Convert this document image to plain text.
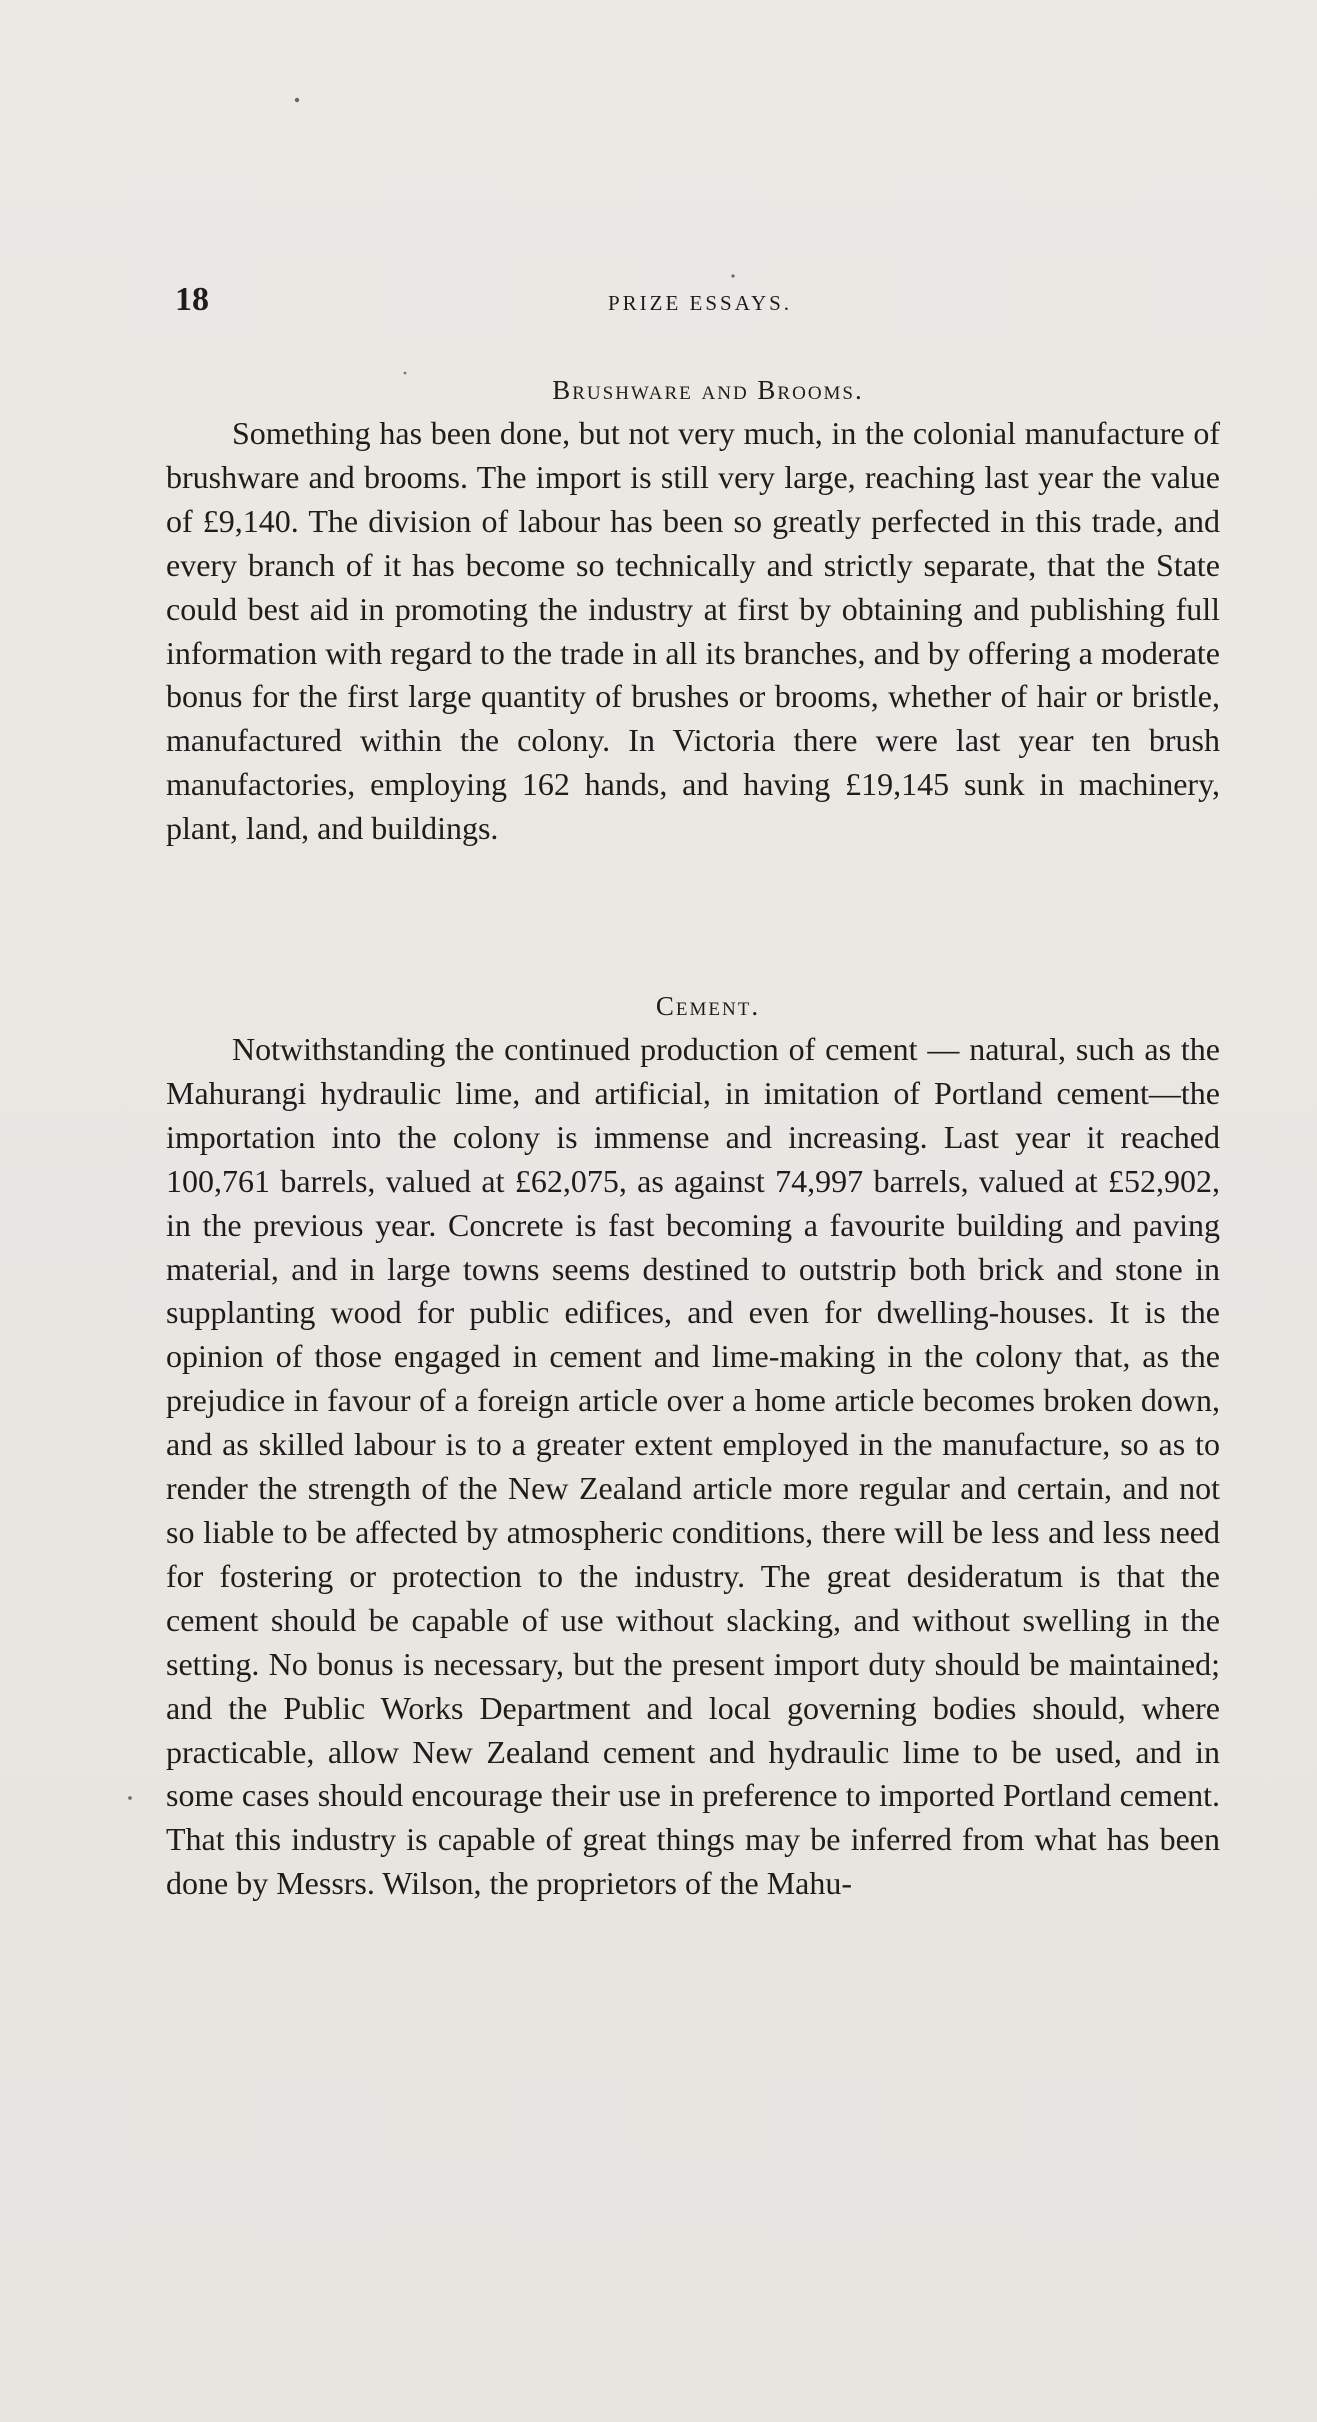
18	PRIZE ESSAYS.
Brushware and Brooms.

Something has been done, but not very much, in the colonial manufacture of brushware and brooms. The import is still very large, reaching last year the value of £9,140. The division of labour has been so greatly perfected in this trade, and every branch of it has become so technically and strictly separate, that the State could best aid in promoting the industry at first by obtaining and publishing full information with regard to the trade in all its branches, and by offering a moderate bonus for the first large quantity of brushes or brooms, whether of hair or bristle, manufactured within the colony. In Victoria there were last year ten brush manufactories, employing 162 hands, and having £19,145 sunk in machinery, plant, land, and buildings.

Cement.

Notwithstanding the continued production of cement — natural, such as the Mahurangi hydraulic lime, and artificial, in imitation of Portland cement—the importation into the colony is immense and increasing. Last year it reached 100,761 barrels, valued at £62,075, as against 74,997 barrels, valued at £52,902, in the previous year. Concrete is fast becoming a favourite building and paving material, and in large towns seems destined to outstrip both brick and stone in supplanting wood for public edifices, and even for dwelling-houses. It is the opinion of those engaged in cement and lime-making in the colony that, as the prejudice in favour of a foreign article over a home article becomes broken down, and as skilled labour is to a greater extent employed in the manufacture, so as to render the strength of the New Zealand article more regular and certain, and not so liable to be affected by atmospheric conditions, there will be less and less need for fostering or protection to the industry. The great desideratum is that the cement should be capable of use without slacking, and without swelling in the setting. No bonus is necessary, but the present import duty should be maintained; and the Public Works Department and local governing bodies should, where practicable, allow New Zealand cement and hydraulic lime to be used, and in some cases should encourage their use in preference to imported Portland cement. That this industry is capable of great things may be inferred from what has been done by Messrs. Wilson, the proprietors of the Mahu-
